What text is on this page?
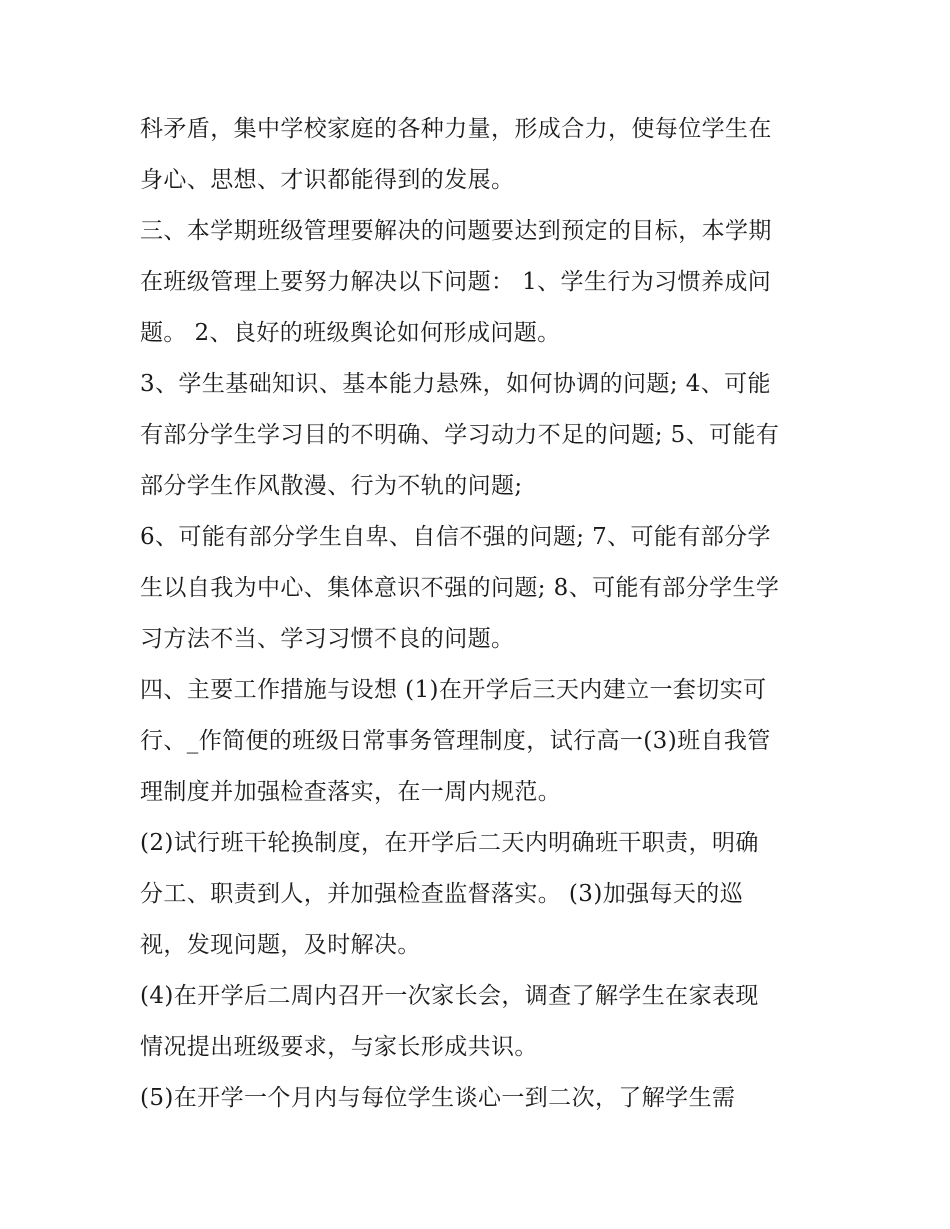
科矛盾，集中学校家庭的各种力量，形成合力，使每位学生在
身心、思想、才识都能得到的发展。
三、本学期班级管理要解决的问题要达到预定的目标，本学期
在班级管理上要努力解决以下问题： 1、学生行为习惯养成问
题。 2、良好的班级舆论如何形成问题。
3、学生基础知识、基本能力悬殊，如何协调的问题; 4、可能
有部分学生学习目的不明确、学习动力不足的问题; 5、可能有
部分学生作风散漫、行为不轨的问题;
6、可能有部分学生自卑、自信不强的问题; 7、可能有部分学
生以自我为中心、集体意识不强的问题; 8、可能有部分学生学
习方法不当、学习习惯不良的问题。
四、主要工作措施与设想 (1)在开学后三天内建立一套切实可
行、_作简便的班级日常事务管理制度，试行高一(3)班自我管
理制度并加强检查落实，在一周内规范。
(2)试行班干轮换制度，在开学后二天内明确班干职责，明确
分工、职责到人，并加强检查监督落实。 (3)加强每天的巡
视，发现问题，及时解决。
(4)在开学后二周内召开一次家长会，调查了解学生在家表现
情况提出班级要求，与家长形成共识。
(5)在开学一个月内与每位学生谈心一到二次，了解学生需
